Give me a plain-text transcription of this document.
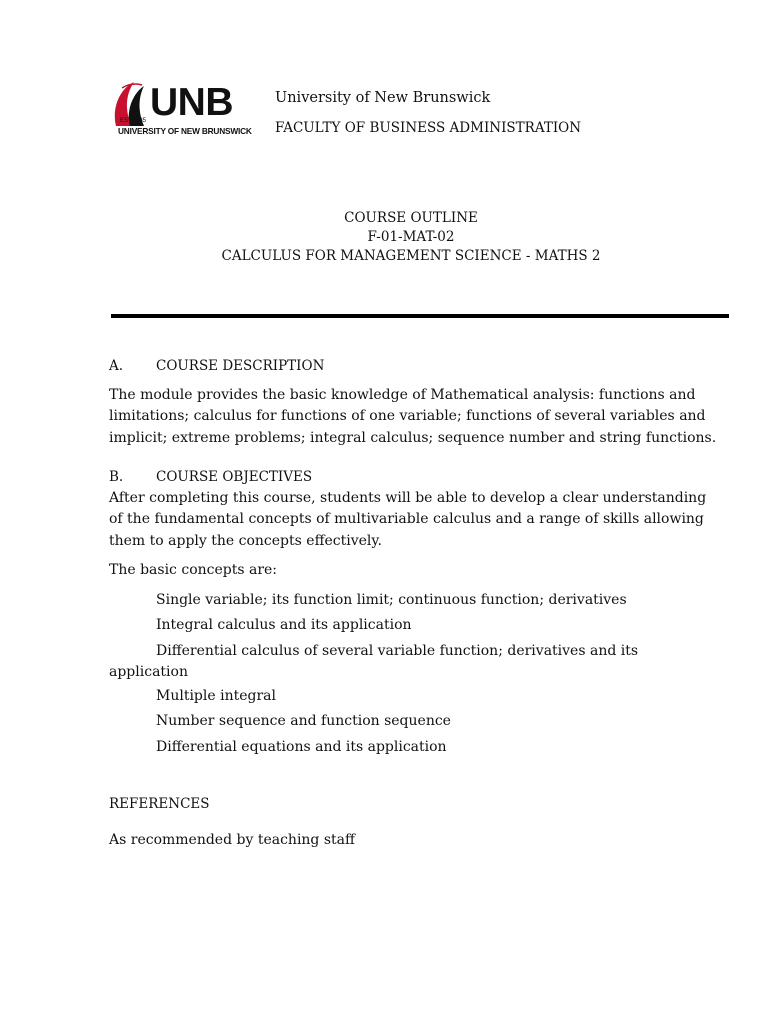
UNB
EST.1785
UNIVERSITY OF NEW BRUNSWICK
University of New Brunswick
FACULTY OF BUSINESS ADMINISTRATION
COURSE OUTLINE
F-01-MAT-02
CALCULUS FOR MANAGEMENT SCIENCE - MATHS 2
A. COURSE DESCRIPTION
The module provides the basic knowledge of Mathematical analysis: functions and
limitations; calculus for functions of one variable; functions of several variables and
implicit; extreme problems; integral calculus; sequence number and string functions.
B. COURSE OBJECTIVES
After completing this course, students will be able to develop a clear understanding
of the fundamental concepts of multivariable calculus and a range of skills allowing
them to apply the concepts effectively.
The basic concepts are:
Single variable; its function limit; continuous function; derivatives
Integral calculus and its application
Differential calculus of several variable function; derivatives and its
application
Multiple integral
Number sequence and function sequence
Differential equations and its application
REFERENCES
As recommended by teaching staff
